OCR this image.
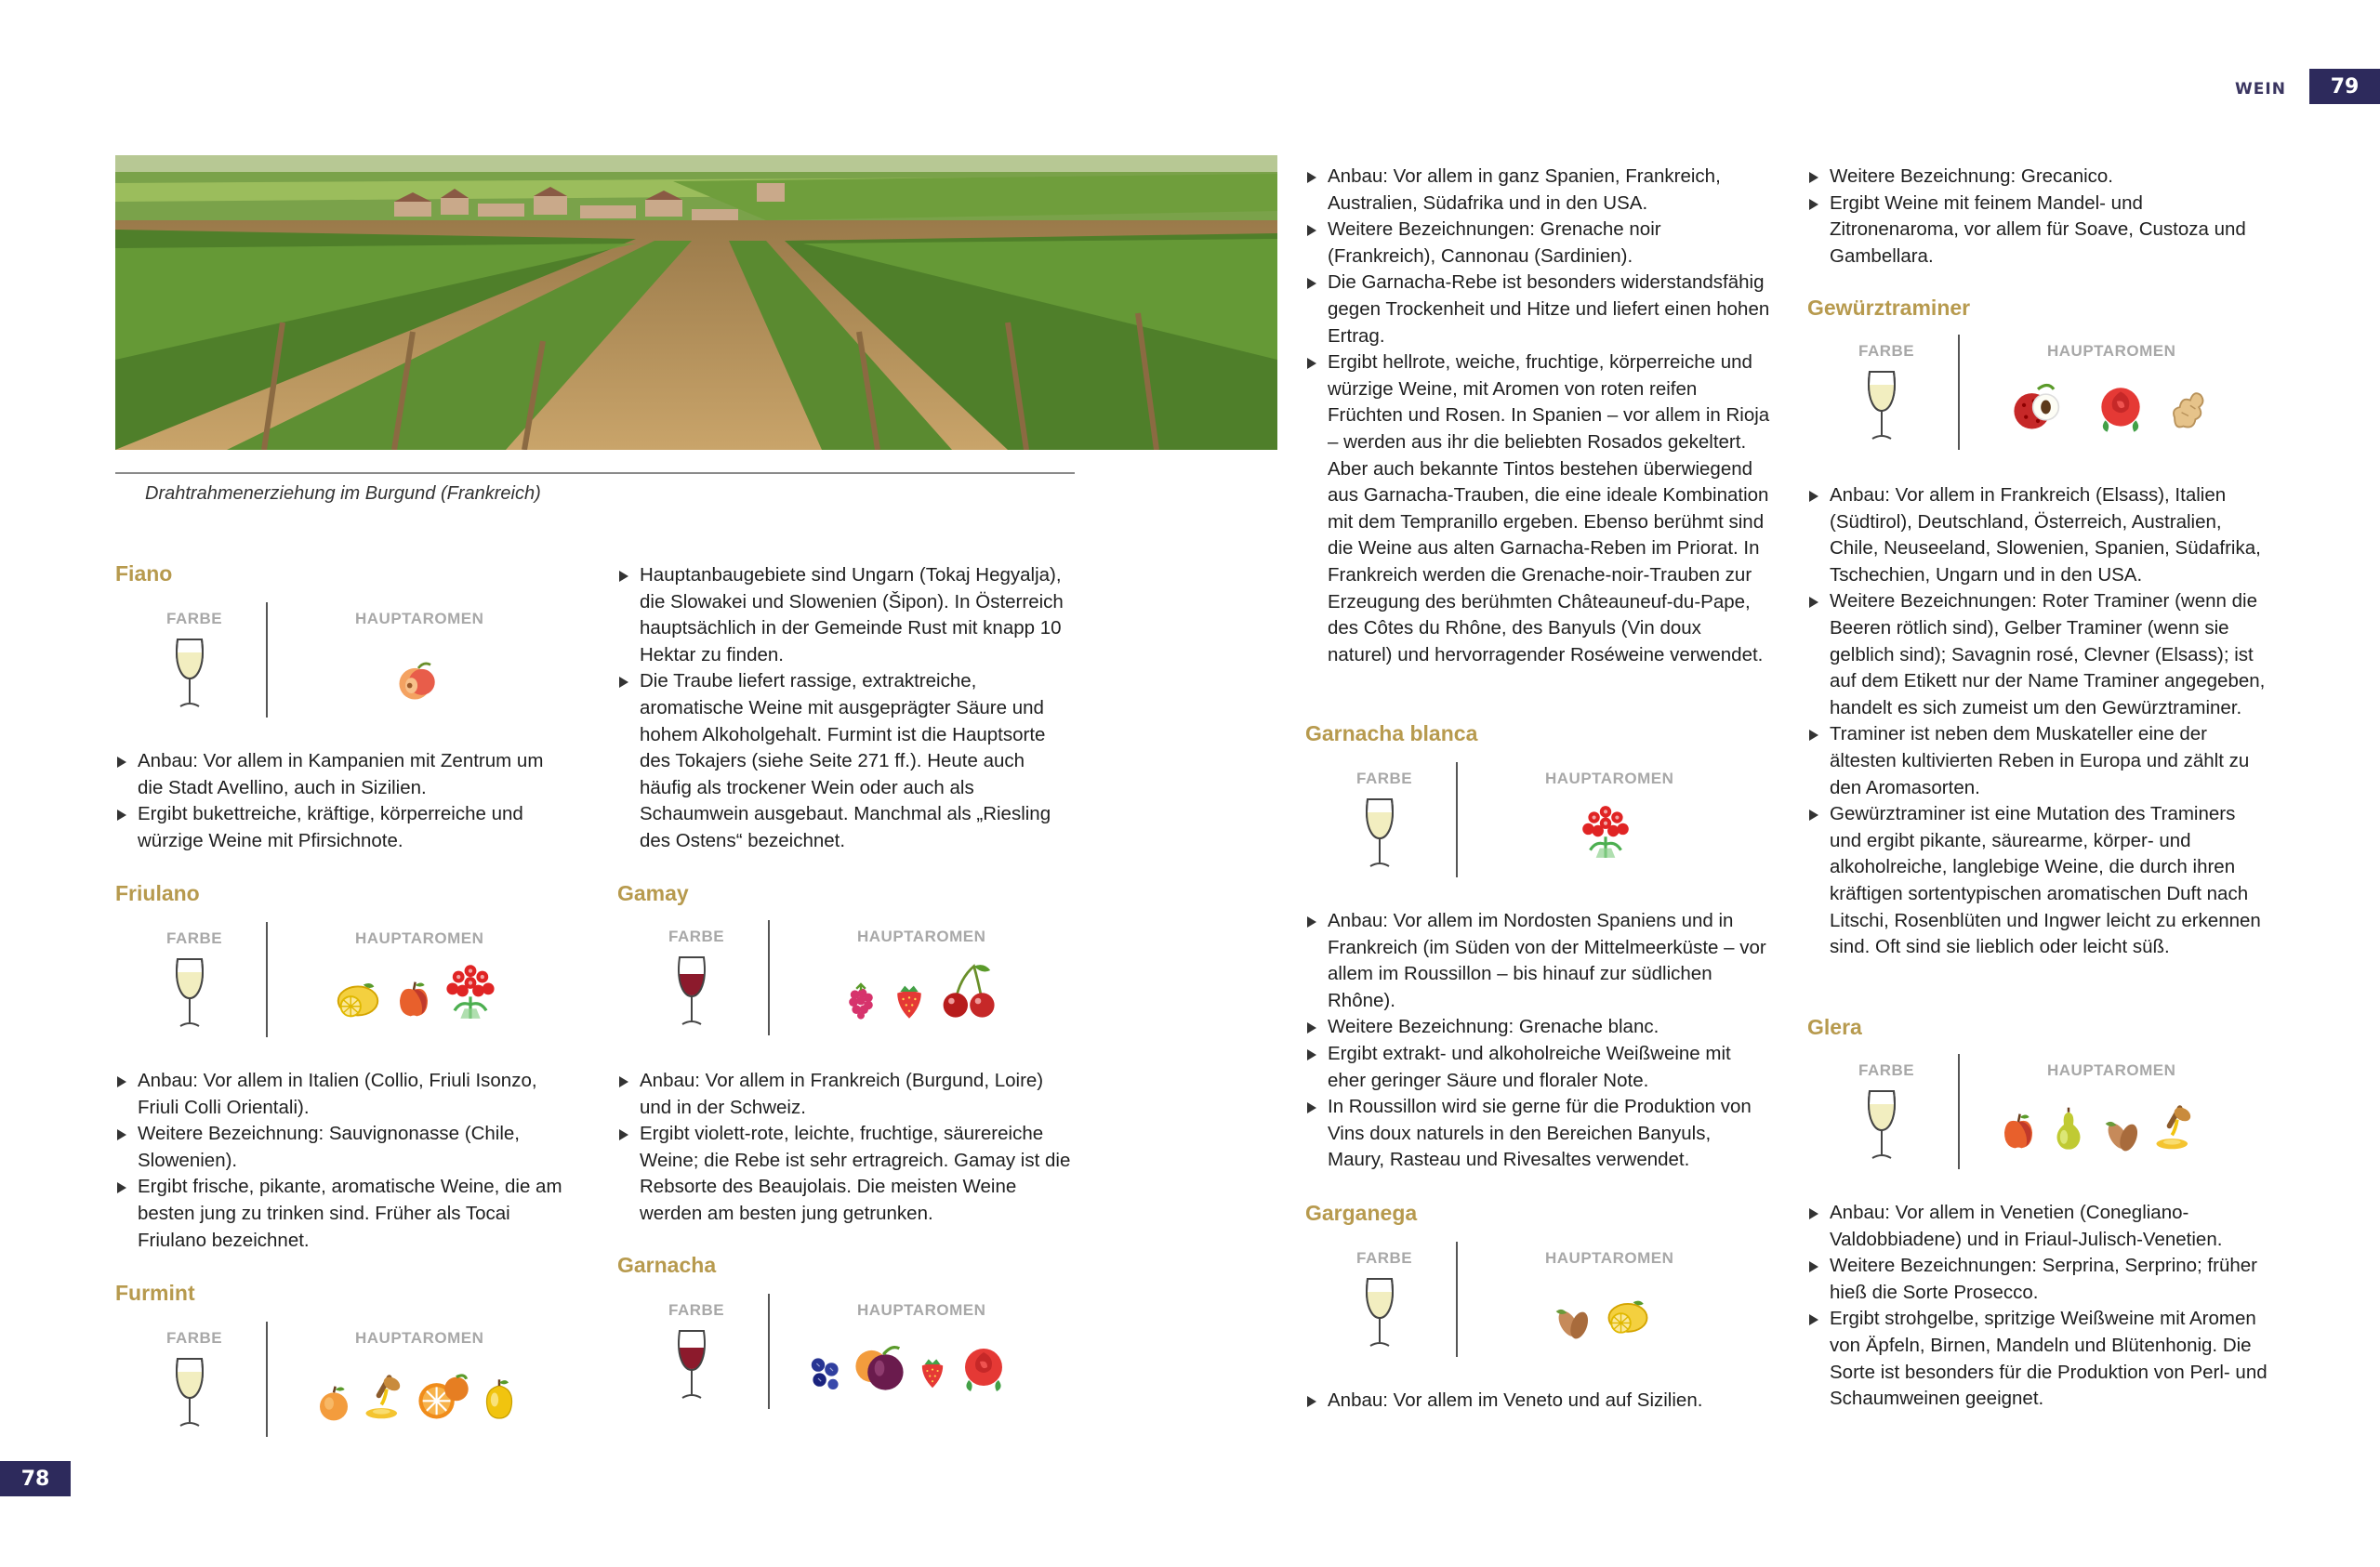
WEIN	79
78
Drahtrahmenerziehung im Burgund (Frankreich)
Fiano
FARBE	HAUPTAROMEN
Anbau: Vor allem in Kampanien mit Zentrum um die Stadt Avellino, auch in Sizilien.
Ergibt bukettreiche, kräftige, körperreiche und würzige Weine mit Pfirsichnote.
Friulano
FARBE	HAUPTAROMEN
Anbau: Vor allem in Italien (Collio, Friuli Isonzo, Friuli Colli Orientali).
Weitere Bezeichnung: Sauvignonasse (Chile, Slowenien).
Ergibt frische, pikante, aromatische Weine, die am besten jung zu trinken sind. Früher als Tocai Friulano bezeichnet.
Furmint
FARBE	HAUPTAROMEN
Hauptanbaugebiete sind Ungarn (Tokaj Hegyalja), die Slowakei und Slowenien (Šipon). In Österreich hauptsächlich in der Gemeinde Rust mit knapp 10 Hektar zu finden.
Die Traube liefert rassige, extraktreiche, aromatische Weine mit ausgeprägter Säure und hohem Alkoholgehalt. Furmint ist die Hauptsorte des Tokajers (siehe Seite 271 ff.). Heute auch häufig als trockener Wein oder auch als Schaumwein ausgebaut. Manchmal als „Riesling des Ostens“ bezeichnet.
Gamay
FARBE	HAUPTAROMEN
Anbau: Vor allem in Frankreich (Burgund, Loire) und in der Schweiz.
Ergibt violett-rote, leichte, fruchtige, säurereiche Weine; die Rebe ist sehr ertragreich. Gamay ist die Rebsorte des Beaujolais. Die meisten Weine werden am besten jung getrunken.
Garnacha
FARBE	HAUPTAROMEN
Anbau: Vor allem in ganz Spanien, Frankreich, Australien, Südafrika und in den USA.
Weitere Bezeichnungen: Grenache noir (Frankreich), Cannonau (Sardinien).
Die Garnacha-Rebe ist besonders widerstandsfähig gegen Trockenheit und Hitze und liefert einen hohen Ertrag.
Ergibt hellrote, weiche, fruchtige, körperreiche und würzige Weine, mit Aromen von roten reifen Früchten und Rosen. In Spanien – vor allem in Rioja – werden aus ihr die beliebten Rosados gekeltert. Aber auch bekannte Tintos bestehen überwiegend aus Garnacha-Trauben, die eine ideale Kombination mit dem Tempranillo ergeben. Ebenso berühmt sind die Weine aus alten Garnacha-Reben im Priorat. In Frankreich werden die Grenache-noir-Trauben zur Erzeugung des berühmten Châteauneuf-du-Pape, des Côtes du Rhône, des Banyuls (Vin doux naturel) und hervorragender Roséweine verwendet.
Garnacha blanca
FARBE	HAUPTAROMEN
Anbau: Vor allem im Nordosten Spaniens und in Frankreich (im Süden von der Mittelmeerküste – vor allem im Roussillon – bis hinauf zur südlichen Rhône).
Weitere Bezeichnung: Grenache blanc.
Ergibt extrakt- und alkoholreiche Weißweine mit eher geringer Säure und floraler Note.
In Roussillon wird sie gerne für die Produktion von Vins doux naturels in den Bereichen Banyuls, Maury, Rasteau und Rivesaltes verwendet.
Garganega
FARBE	HAUPTAROMEN
Anbau: Vor allem im Veneto und auf Sizilien.
Weitere Bezeichnung: Grecanico.
Ergibt Weine mit feinem Mandel- und Zitronenaroma, vor allem für Soave, Custoza und Gambellara.
Gewürztraminer
FARBE	HAUPTAROMEN
Anbau: Vor allem in Frankreich (Elsass), Italien (Südtirol), Deutschland, Österreich, Australien, Chile, Neuseeland, Slowenien, Spanien, Südafrika, Tschechien, Ungarn und in den USA.
Weitere Bezeichnungen: Roter Traminer (wenn die Beeren rötlich sind), Gelber Traminer (wenn sie gelblich sind); Savagnin rosé, Clevner (Elsass); ist auf dem Etikett nur der Name Traminer angegeben, handelt es sich zumeist um den Gewürztraminer.
Traminer ist neben dem Muskateller eine der ältesten kultivierten Reben in Europa und zählt zu den Aromasorten.
Gewürztraminer ist eine Mutation des Traminers und ergibt pikante, säurearme, körper- und alkoholreiche, langlebige Weine, die durch ihren kräftigen sortentypischen aromatischen Duft nach Litschi, Rosenblüten und Ingwer leicht zu erkennen sind. Oft sind sie lieblich oder leicht süß.
Glera
FARBE	HAUPTAROMEN
Anbau: Vor allem in Venetien (Conegliano-Valdobbiadene) und in Friaul-Julisch-Venetien.
Weitere Bezeichnungen: Serprina, Serprino; früher hieß die Sorte Prosecco.
Ergibt strohgelbe, spritzige Weißweine mit Aromen von Äpfeln, Birnen, Mandeln und Blütenhonig. Die Sorte ist besonders für die Produktion von Perl- und Schaumweinen geeignet.
